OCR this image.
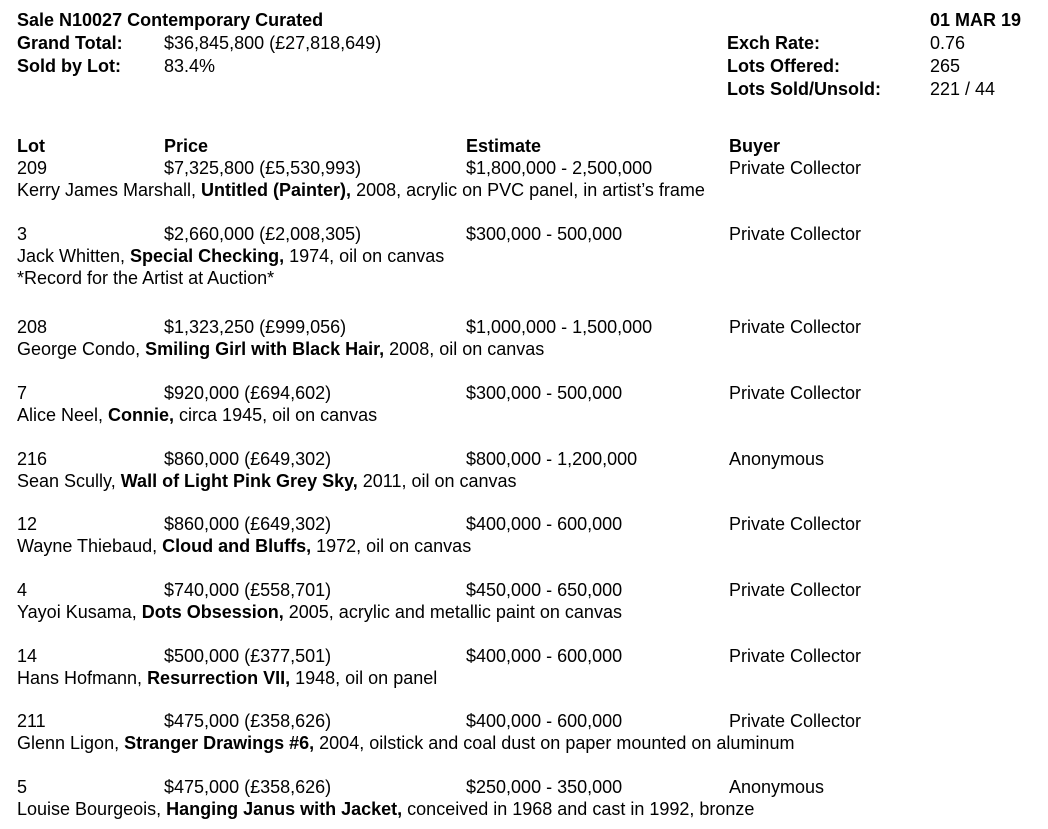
Sale N10027 Contemporary Curated	01 MAR 19
Grand Total: $36,845,800 (£27,818,649)	Exch Rate:	0.76
Sold by Lot: 83.4%	Lots Offered:	265
Lots Sold/Unsold:	221 / 44
Lot	Price	Estimate	Buyer
209	$7,325,800 (£5,530,993)	$1,800,000 - 2,500,000	Private Collector
Kerry James Marshall, Untitled (Painter), 2008, acrylic on PVC panel, in artist’s frame
3	$2,660,000 (£2,008,305)	$300,000 - 500,000	Private Collector
Jack Whitten, Special Checking, 1974, oil on canvas
*Record for the Artist at Auction*
208	$1,323,250 (£999,056)	$1,000,000 - 1,500,000	Private Collector
George Condo, Smiling Girl with Black Hair, 2008, oil on canvas
7	$920,000 (£694,602)	$300,000 - 500,000	Private Collector
Alice Neel, Connie, circa 1945, oil on canvas
216	$860,000 (£649,302)	$800,000 - 1,200,000	Anonymous
Sean Scully, Wall of Light Pink Grey Sky, 2011, oil on canvas
12	$860,000 (£649,302)	$400,000 - 600,000	Private Collector
Wayne Thiebaud, Cloud and Bluffs, 1972, oil on canvas
4	$740,000 (£558,701)	$450,000 - 650,000	Private Collector
Yayoi Kusama, Dots Obsession, 2005, acrylic and metallic paint on canvas
14	$500,000 (£377,501)	$400,000 - 600,000	Private Collector
Hans Hofmann, Resurrection VII, 1948, oil on panel
211	$475,000 (£358,626)	$400,000 - 600,000	Private Collector
Glenn Ligon, Stranger Drawings #6, 2004, oilstick and coal dust on paper mounted on aluminum
5	$475,000 (£358,626)	$250,000 - 350,000	Anonymous
Louise Bourgeois, Hanging Janus with Jacket, conceived in 1968 and cast in 1992, bronze
